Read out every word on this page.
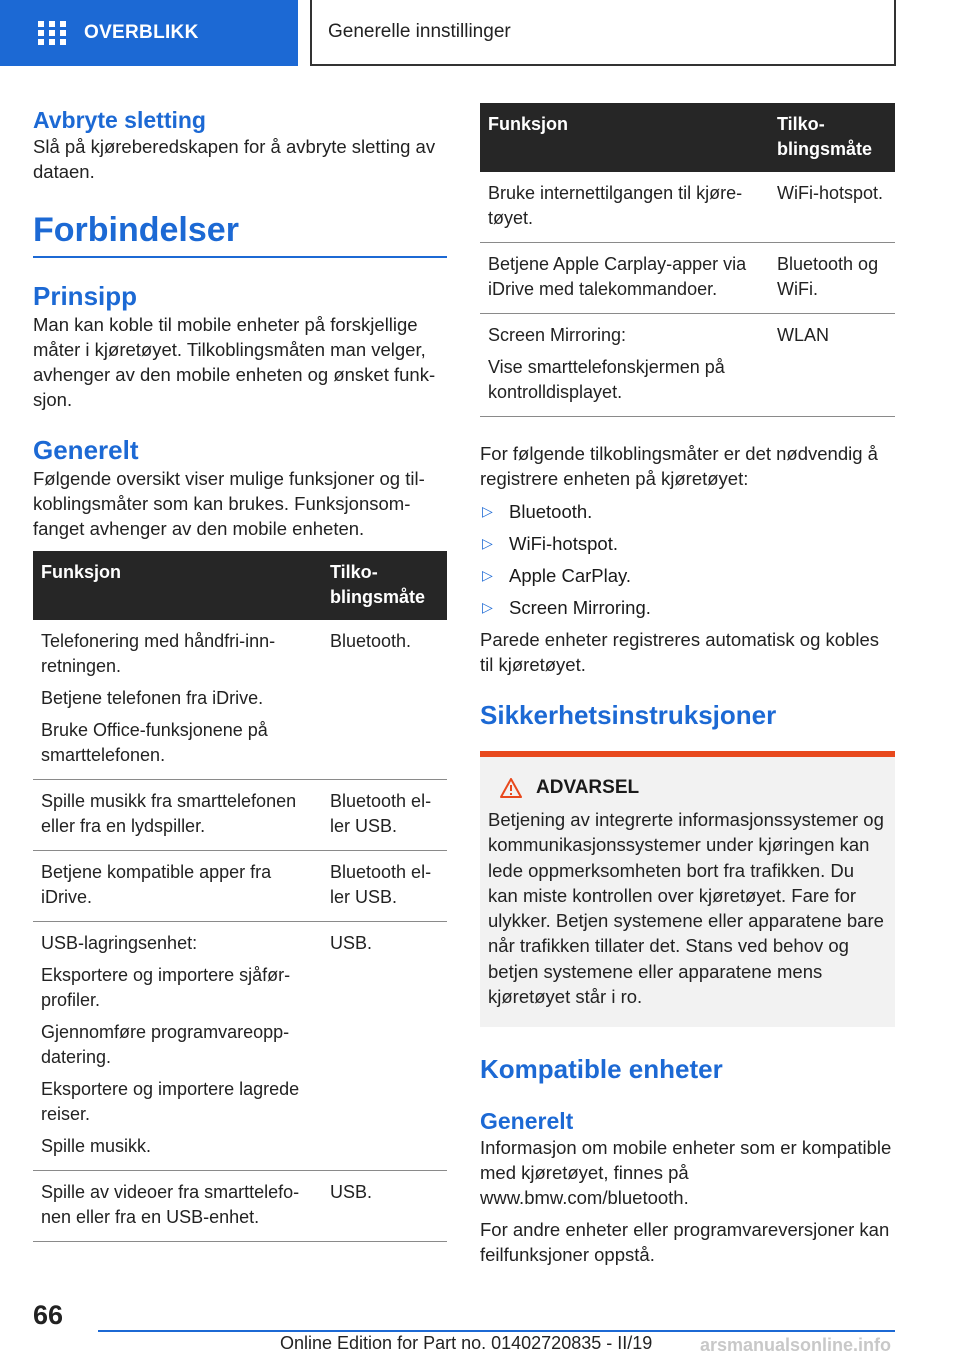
OVERBLIKK	Generelle innstillinger
Avbryte sletting
Slå på kjøreberedskapen for å avbryte sletting av dataen.
Forbindelser
Prinsipp
Man kan koble til mobile enheter på forskjellige måter i kjøretøyet. Tilkoblingsmåten man velger, avhenger av den mobile enheten og ønsket funksjon.
Generelt
Følgende oversikt viser mulige funksjoner og tilkoblingsmåter som kan brukes. Funksjonsomfanget avhenger av den mobile enheten.
Funksjon	Tilkoblingsmåte

Telefonering med håndfri-innretningen.
Betjene telefonen fra iDrive.
Bruke Office-funksjonene på smarttelefonen.	Bluetooth.

Spille musikk fra smarttelefonen eller fra en lydspiller.	Bluetooth eller USB.

Betjene kompatible apper fra iDrive.	Bluetooth eller USB.

USB-lagringsenhet:
Eksportere og importere sjåførprofiler.
Gjennomføre programvareoppdatering.
Eksportere og importere lagrede reiser.
Spille musikk.	USB.

Spille av videoer fra smarttelefonen eller fra en USB-enhet.	USB.
Funksjon	Tilkoblingsmåte

Bruke internettilgangen til kjøretøyet.	WiFi-hotspot.

Betjene Apple Carplay-apper via iDrive med talekommandoer.	Bluetooth og WiFi.

Screen Mirroring:
Vise smarttelefonskjermen på kontrolldisplayet.	WLAN
For følgende tilkoblingsmåter er det nødvendig å registrere enheten på kjøretøyet:
▷ Bluetooth.
▷ WiFi-hotspot.
▷ Apple CarPlay.
▷ Screen Mirroring.
Parede enheter registreres automatisk og kobles til kjøretøyet.
Sikkerhetsinstruksjoner
ADVARSEL
Betjening av integrerte informasjonssystemer og kommunikasjonssystemer under kjøringen kan lede oppmerksomheten bort fra trafikken. Du kan miste kontrollen over kjøretøyet. Fare for ulykker. Betjen systemene eller apparatene bare når trafikken tillater det. Stans ved behov og betjen systemene eller apparatene mens kjøretøyet står i ro.
Kompatible enheter
Generelt
Informasjon om mobile enheter som er kompatible med kjøretøyet, finnes på www.bmw.com/bluetooth.
For andre enheter eller programvareversjoner kan feilfunksjoner oppstå.
66
Online Edition for Part no. 01402720835 - II/19	arsmanualsonline.info
